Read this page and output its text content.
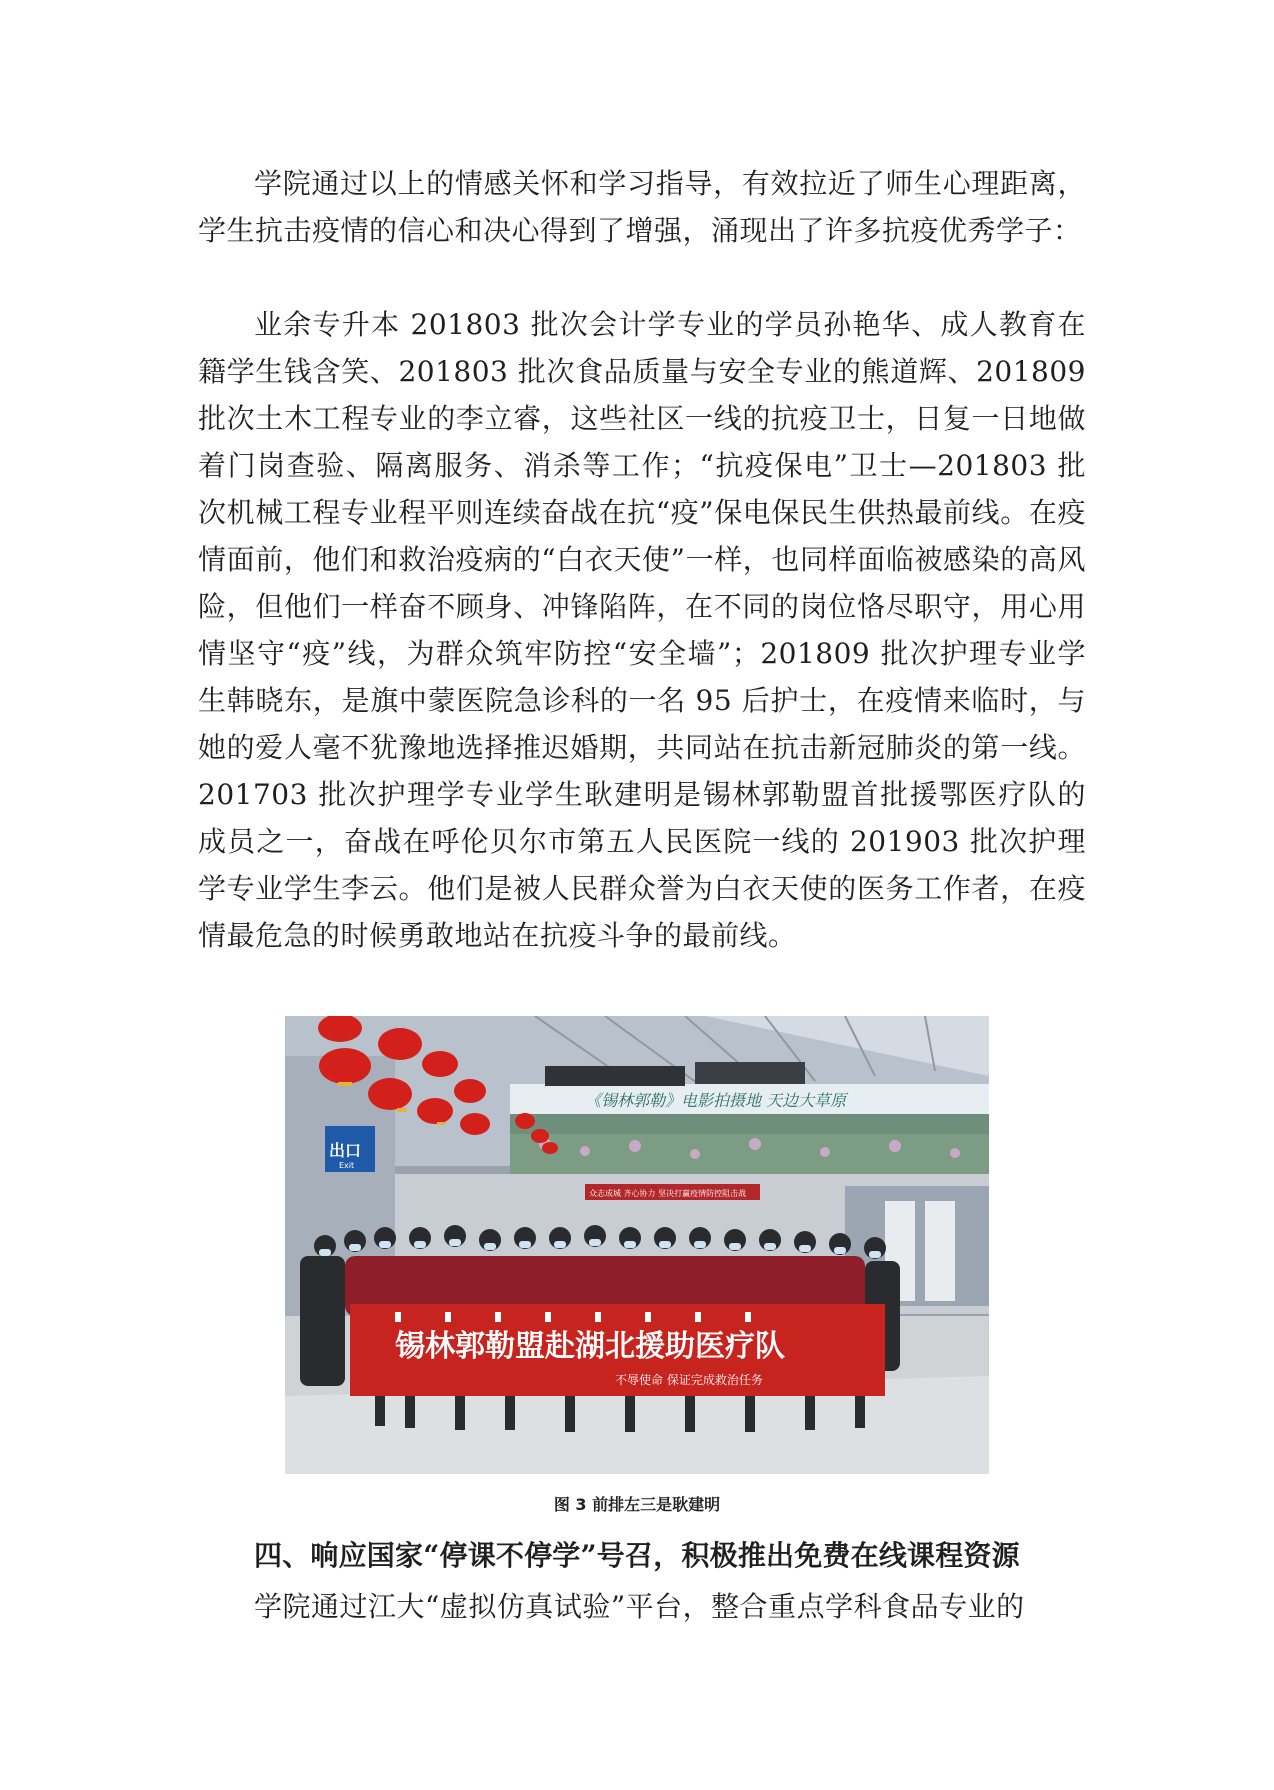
学院通过以上的情感关怀和学习指导，有效拉近了师生心理距离，学生抗击疫情的信心和决心得到了增强，涌现出了许多抗疫优秀学子：

业余专升本 201803 批次会计学专业的学员孙艳华、成人教育在籍学生钱含笑、201803 批次食品质量与安全专业的熊道辉、201809 批次土木工程专业的李立睿，这些社区一线的抗疫卫士，日复一日地做着门岗查验、隔离服务、消杀等工作；“抗疫保电”卫士—201803 批次机械工程专业程平则连续奋战在抗“疫”保电保民生供热最前线。在疫情面前，他们和救治疫病的“白衣天使”一样，也同样面临被感染的高风险，但他们一样奋不顾身、冲锋陷阵，在不同的岗位恪尽职守，用心用情坚守“疫”线，为群众筑牢防控“安全墙”；201809 批次护理专业学生韩晓东，是旗中蒙医院急诊科的一名 95 后护士，在疫情来临时，与她的爱人毫不犹豫地选择推迟婚期，共同站在抗击新冠肺炎的第一线。201703 批次护理学专业学生耿建明是锡林郭勒盟首批援鄂医疗队的成员之一，奋战在呼伦贝尔市第五人民医院一线的 201903 批次护理学专业学生李云。他们是被人民群众誉为白衣天使的医务工作者，在疫情最危急的时候勇敢地站在抗疫斗争的最前线。

《锡林郭勒》电影拍摄地 天边大草原
出口
Exit
众志成城 齐心协力 坚决打赢疫情防控阻击战
锡林郭勒盟赴湖北援助医疗队
不辱使命 保证完成救治任务
图 3 前排左三是耿建明
四、响应国家“停课不停学”号召，积极推出免费在线课程资源
学院通过江大“虚拟仿真试验”平台，整合重点学科食品专业的
